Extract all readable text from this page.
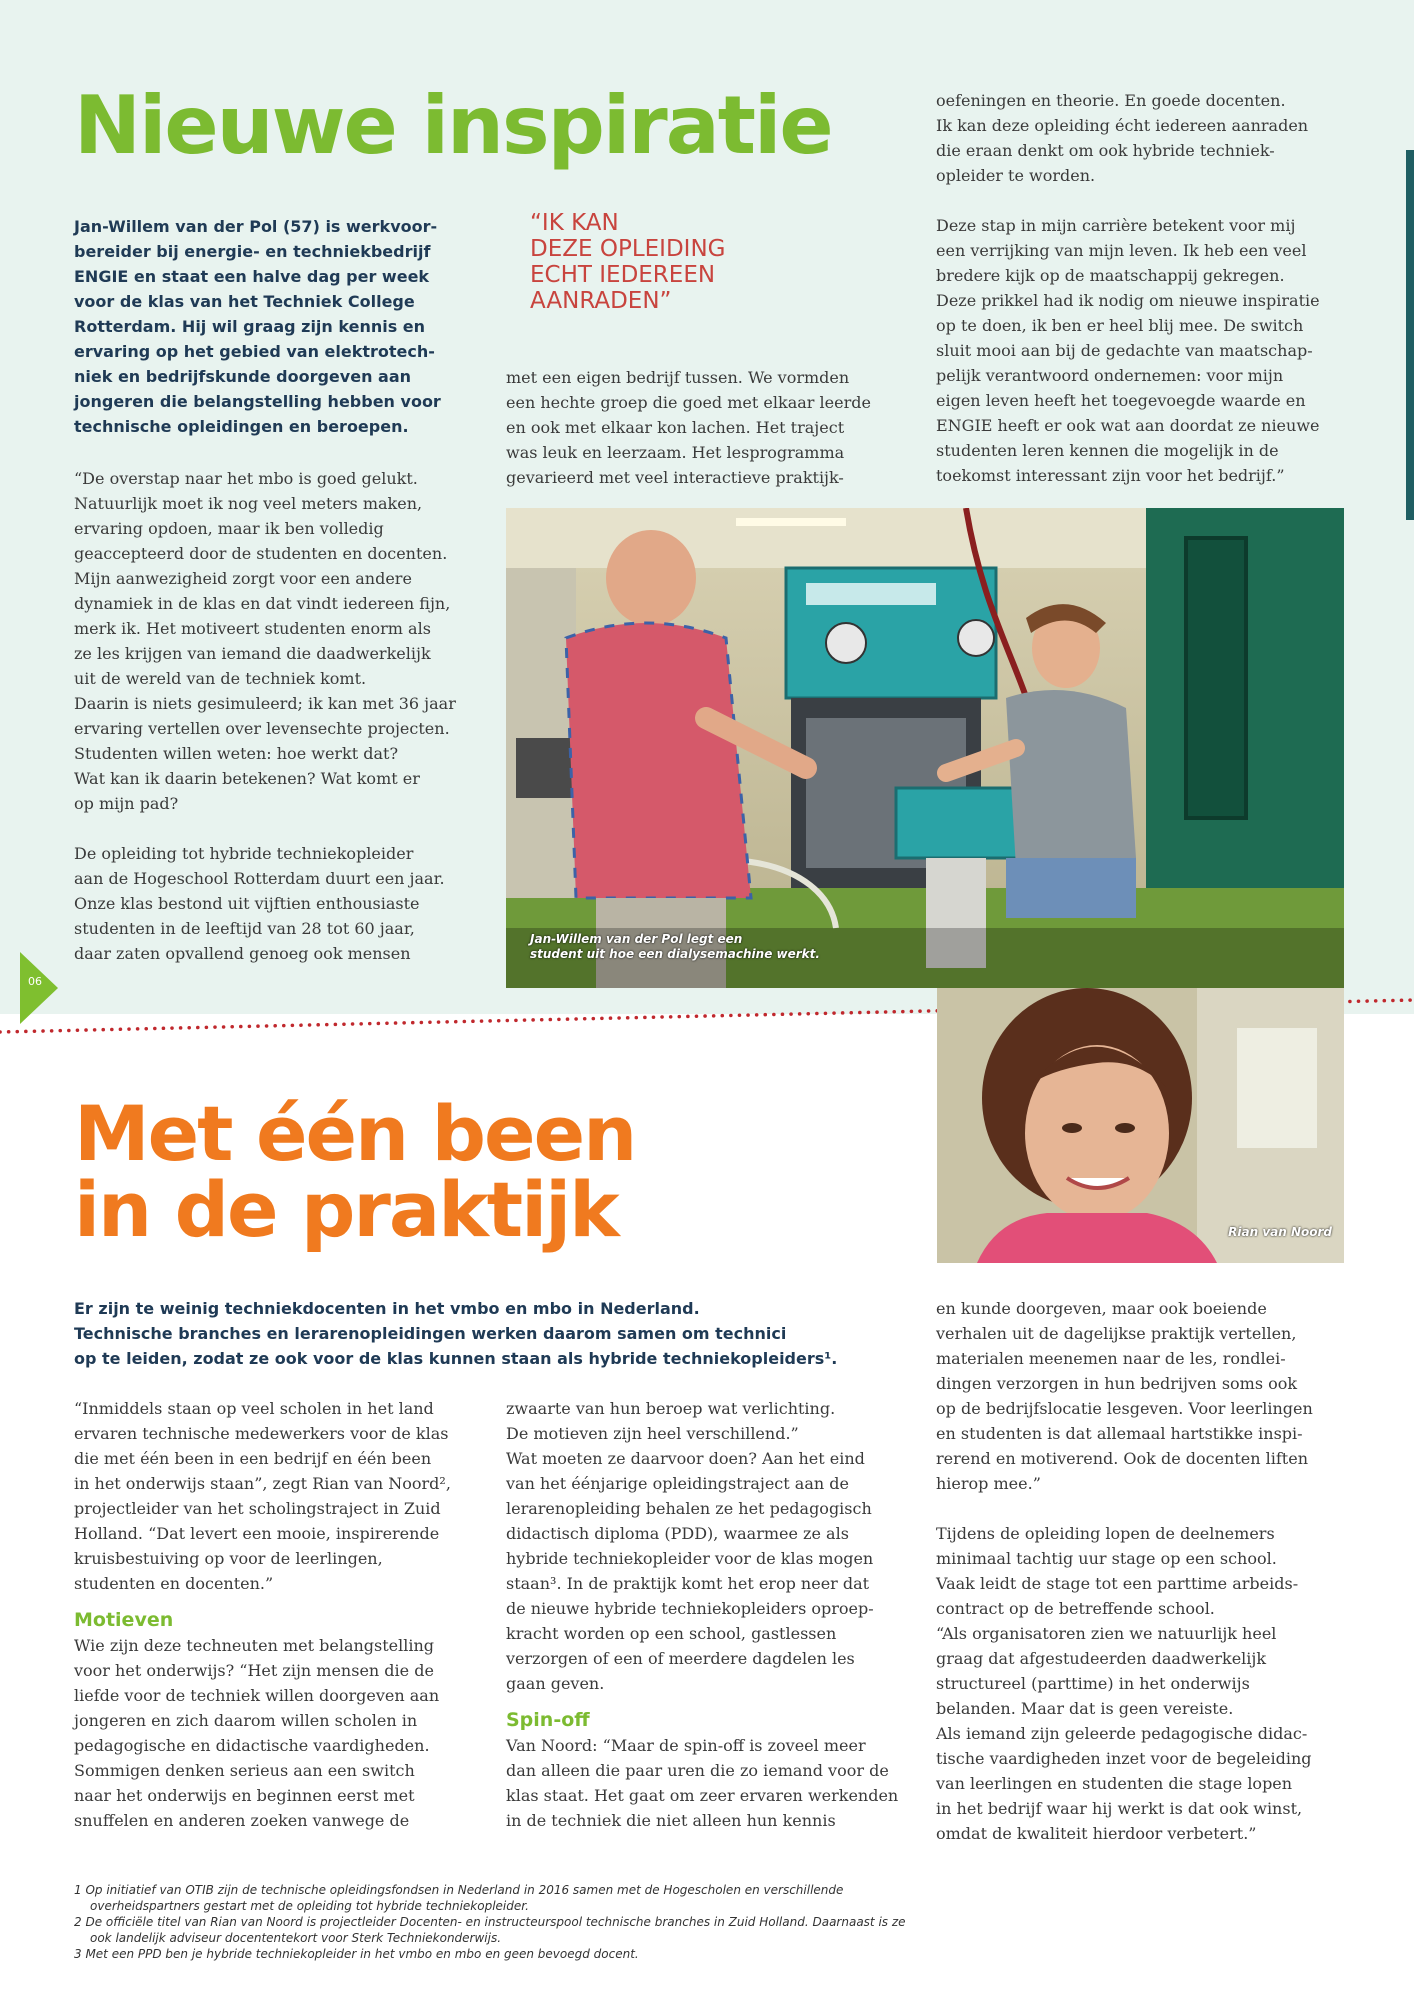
06
Nieuwe inspiratie
Jan-Willem van der Pol (57) is werkvoor-
bereider bij energie- en techniekbedrijf
ENGIE en staat een halve dag per week
voor de klas van het Techniek College
Rotterdam. Hij wil graag zijn kennis en
ervaring op het gebied van elektrotech-
niek en bedrijfskunde doorgeven aan
jongeren die belangstelling hebben voor
technische opleidingen en beroepen.

“De overstap naar het mbo is goed gelukt.
Natuurlijk moet ik nog veel meters maken,
ervaring opdoen, maar ik ben volledig
geaccepteerd door de studenten en docenten.
Mijn aanwezigheid zorgt voor een andere
dynamiek in de klas en dat vindt iedereen fijn,
merk ik. Het motiveert studenten enorm als
ze les krijgen van iemand die daadwerkelijk
uit de wereld van de techniek komt.
Daarin is niets gesimuleerd; ik kan met 36 jaar
ervaring vertellen over levensechte projecten.
Studenten willen weten: hoe werkt dat?
Wat kan ik daarin betekenen? Wat komt er
op mijn pad?

De opleiding tot hybride techniekopleider
aan de Hogeschool Rotterdam duurt een jaar.
Onze klas bestond uit vijftien enthousiaste
studenten in de leeftijd van 28 tot 60 jaar,
daar zaten opvallend genoeg ook mensen

“IK KAN
DEZE OPLEIDING
ECHT IEDEREEN
AANRADEN”

met een eigen bedrijf tussen. We vormden
een hechte groep die goed met elkaar leerde
en ook met elkaar kon lachen. Het traject
was leuk en leerzaam. Het lesprogramma
gevarieerd met veel interactieve praktijk-

oefeningen en theorie. En goede docenten.
Ik kan deze opleiding écht iedereen aanraden
die eraan denkt om ook hybride techniek-
opleider te worden.

Deze stap in mijn carrière betekent voor mij
een verrijking van mijn leven. Ik heb een veel
bredere kijk op de maatschappij gekregen.
Deze prikkel had ik nodig om nieuwe inspiratie
op te doen, ik ben er heel blij mee. De switch
sluit mooi aan bij de gedachte van maatschap-
pelijk verantwoord ondernemen: voor mijn
eigen leven heeft het toegevoegde waarde en
ENGIE heeft er ook wat aan doordat ze nieuwe
studenten leren kennen die mogelijk in de
toekomst interessant zijn voor het bedrijf.”

Jan-Willem van der Pol legt een
student uit hoe een dialysemachine werkt.
Met één been
in de praktijk	Rian van Noord
Er zijn te weinig techniekdocenten in het vmbo en mbo in Nederland.
Technische branches en lerarenopleidingen werken daarom samen om technici
op te leiden, zodat ze ook voor de klas kunnen staan als hybride techniekopleiders¹.

“Inmiddels staan op veel scholen in het land
ervaren technische medewerkers voor de klas
die met één been in een bedrijf en één been
in het onderwijs staan”, zegt Rian van Noord²,
projectleider van het scholingstraject in Zuid
Holland. “Dat levert een mooie, inspirerende
kruisbestuiving op voor de leerlingen,
studenten en docenten.”

Motieven

Wie zijn deze techneuten met belangstelling
voor het onderwijs? “Het zijn mensen die de
liefde voor de techniek willen doorgeven aan
jongeren en zich daarom willen scholen in
pedagogische en didactische vaardigheden.
Sommigen denken serieus aan een switch
naar het onderwijs en beginnen eerst met
snuffelen en anderen zoeken vanwege de

zwaarte van hun beroep wat verlichting.
De motieven zijn heel verschillend.”
Wat moeten ze daarvoor doen? Aan het eind
van het éénjarige opleidingstraject aan de
lerarenopleiding behalen ze het pedagogisch
didactisch diploma (PDD), waarmee ze als
hybride techniekopleider voor de klas mogen
staan³. In de praktijk komt het erop neer dat
de nieuwe hybride techniekopleiders oproep-
kracht worden op een school, gastlessen
verzorgen of een of meerdere dagdelen les
gaan geven.

Spin-off

Van Noord: “Maar de spin-off is zoveel meer
dan alleen die paar uren die zo iemand voor de
klas staat. Het gaat om zeer ervaren werkenden
in de techniek die niet alleen hun kennis

en kunde doorgeven, maar ook boeiende
verhalen uit de dagelijkse praktijk vertellen,
materialen meenemen naar de les, rondlei-
dingen verzorgen in hun bedrijven soms ook
op de bedrijfslocatie lesgeven. Voor leerlingen
en studenten is dat allemaal hartstikke inspi-
rerend en motiverend. Ook de docenten liften
hierop mee.”

Tijdens de opleiding lopen de deelnemers
minimaal tachtig uur stage op een school.
Vaak leidt de stage tot een parttime arbeids-
contract op de betreffende school.
“Als organisatoren zien we natuurlijk heel
graag dat afgestudeerden daadwerkelijk
structureel (parttime) in het onderwijs
belanden. Maar dat is geen vereiste.
Als iemand zijn geleerde pedagogische didac-
tische vaardigheden inzet voor de begeleiding
van leerlingen en studenten die stage lopen
in het bedrijf waar hij werkt is dat ook winst,
omdat de kwaliteit hierdoor verbetert.”

1 Op initiatief van OTIB zijn de technische opleidingsfondsen in Nederland in 2016 samen met de Hogescholen en verschillende overheidspartners gestart met de opleiding tot hybride techniekopleider.
2 De officiële titel van Rian van Noord is projectleider Docenten- en instructeurspool technische branches in Zuid Holland. Daarnaast is ze ook landelijk adviseur docententekort voor Sterk Techniekonderwijs.
3 Met een PPD ben je hybride techniekopleider in het vmbo en mbo en geen bevoegd docent.
